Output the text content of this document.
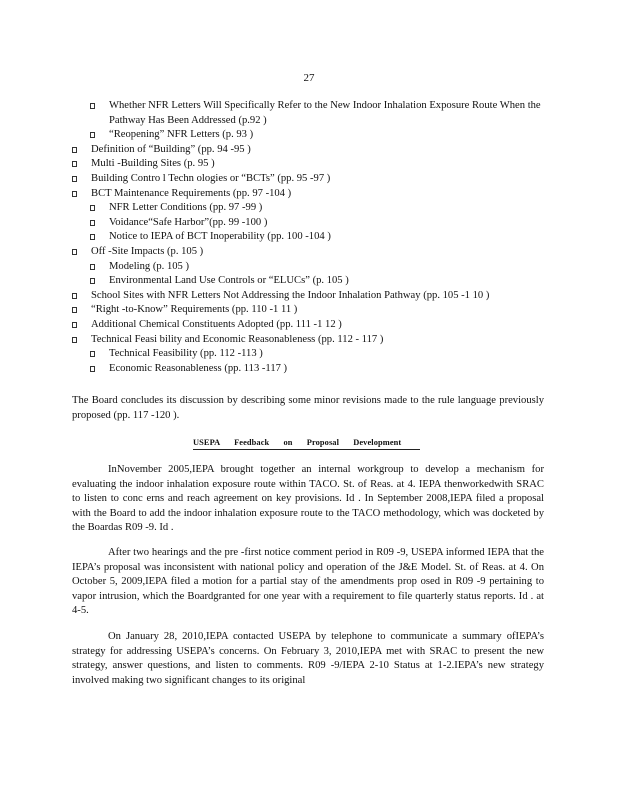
27
Whether NFR Letters Will Specifically Refer to the New Indoor Inhalation Exposure Route When the Pathway Has Been Addressed (p.92 )
“Reopening” NFR Letters (p. 93 )
Definition of “Building” (pp. 94 -95 )
Multi -Building Sites (p. 95 )
Building Contro l Techn ologies or “BCTs” (pp. 95 -97 )
BCT Maintenance Requirements (pp. 97 -104 )
NFR Letter Conditions (pp. 97 -99 )
Voidance“Safe Harbor”(pp. 99 -100 )
Notice to IEPA of BCT Inoperability (pp. 100 -104 )
Off -Site Impacts (p. 105 )
Modeling (p. 105 )
Environmental Land Use Controls or “ELUCs” (p. 105 )
School Sites with NFR Letters Not Addressing the Indoor Inhalation Pathway (pp. 105 -1 10 )
“Right -to-Know” Requirements (pp. 110 -1 11 )
Additional Chemical Constituents Adopted (pp. 111 -1 12 )
Technical Feasi bility and Economic Reasonableness (pp. 112 - 117 )
Technical Feasibility (pp. 112 -113 )
Economic Reasonableness (pp. 113 -117 )

The Board concludes its discussion by describing some minor revisions made to the rule language previously proposed (pp. 117 -120 ).

USEPA Feedback on Proposal Development

InNovember 2005,IEPA brought together an internal workgroup to develop a mechanism for evaluating the indoor inhalation exposure route within TACO. St. of Reas. at 4. IEPA thenworkedwith SRAC to listen to conc erns and reach agreement on key provisions. Id . In September 2008,IEPA filed a proposal with the Board to add the indoor inhalation exposure route to the TACO methodology, which was docketed by the Boardas R09 -9. Id .

After two hearings and the pre -first notice comment period in R09 -9, USEPA informed IEPA that the IEPA’s proposal was inconsistent with national policy and operation of the J&E Model. St. of Reas. at 4. On October 5, 2009,IEPA filed a motion for a partial stay of the amendments prop osed in R09 -9 pertaining to vapor intrusion, which the Boardgranted for one year with a requirement to file quarterly status reports. Id . at 4-5.

On January 28, 2010,IEPA contacted USEPA by telephone to communicate a summary ofIEPA’s strategy for addressing USEPA’s concerns. On February 3, 2010,IEPA met with SRAC to present the new strategy, answer questions, and listen to comments. R09 -9/IEPA 2-10 Status at 1-2.IEPA’s new strategy involved making two significant changes to its original
